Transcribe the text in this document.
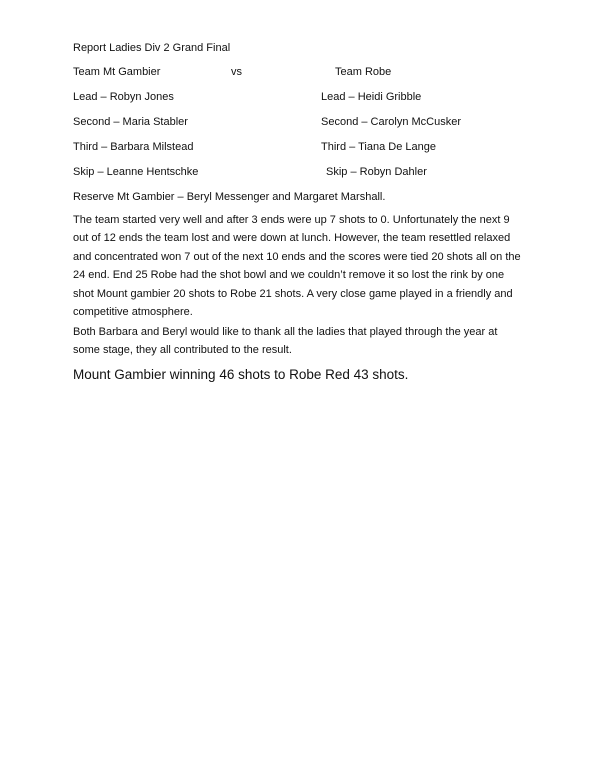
Report Ladies Div 2 Grand Final
Team Mt Gambier	vs	Team Robe
Lead – Robyn Jones	Lead – Heidi Gribble
Second – Maria Stabler	Second – Carolyn McCusker
Third – Barbara Milstead	Third – Tiana De Lange
Skip – Leanne Hentschke	Skip – Robyn Dahler
Reserve Mt Gambier – Beryl Messenger and Margaret Marshall.
The team started very well and after 3 ends were up 7 shots to 0. Unfortunately the next 9 out of 12 ends the team lost and were down at lunch. However, the team resettled relaxed and concentrated won 7 out of the next 10 ends and the scores were tied 20 shots all on the 24 end. End 25 Robe had the shot bowl and we couldn’t remove it so lost the rink by one shot Mount gambier 20 shots to Robe 21 shots. A very close game played in a friendly and competitive atmosphere.
Both Barbara and Beryl would like to thank all the ladies that played through the year at some stage, they all contributed to the result.
Mount Gambier winning 46 shots to Robe Red 43 shots.
